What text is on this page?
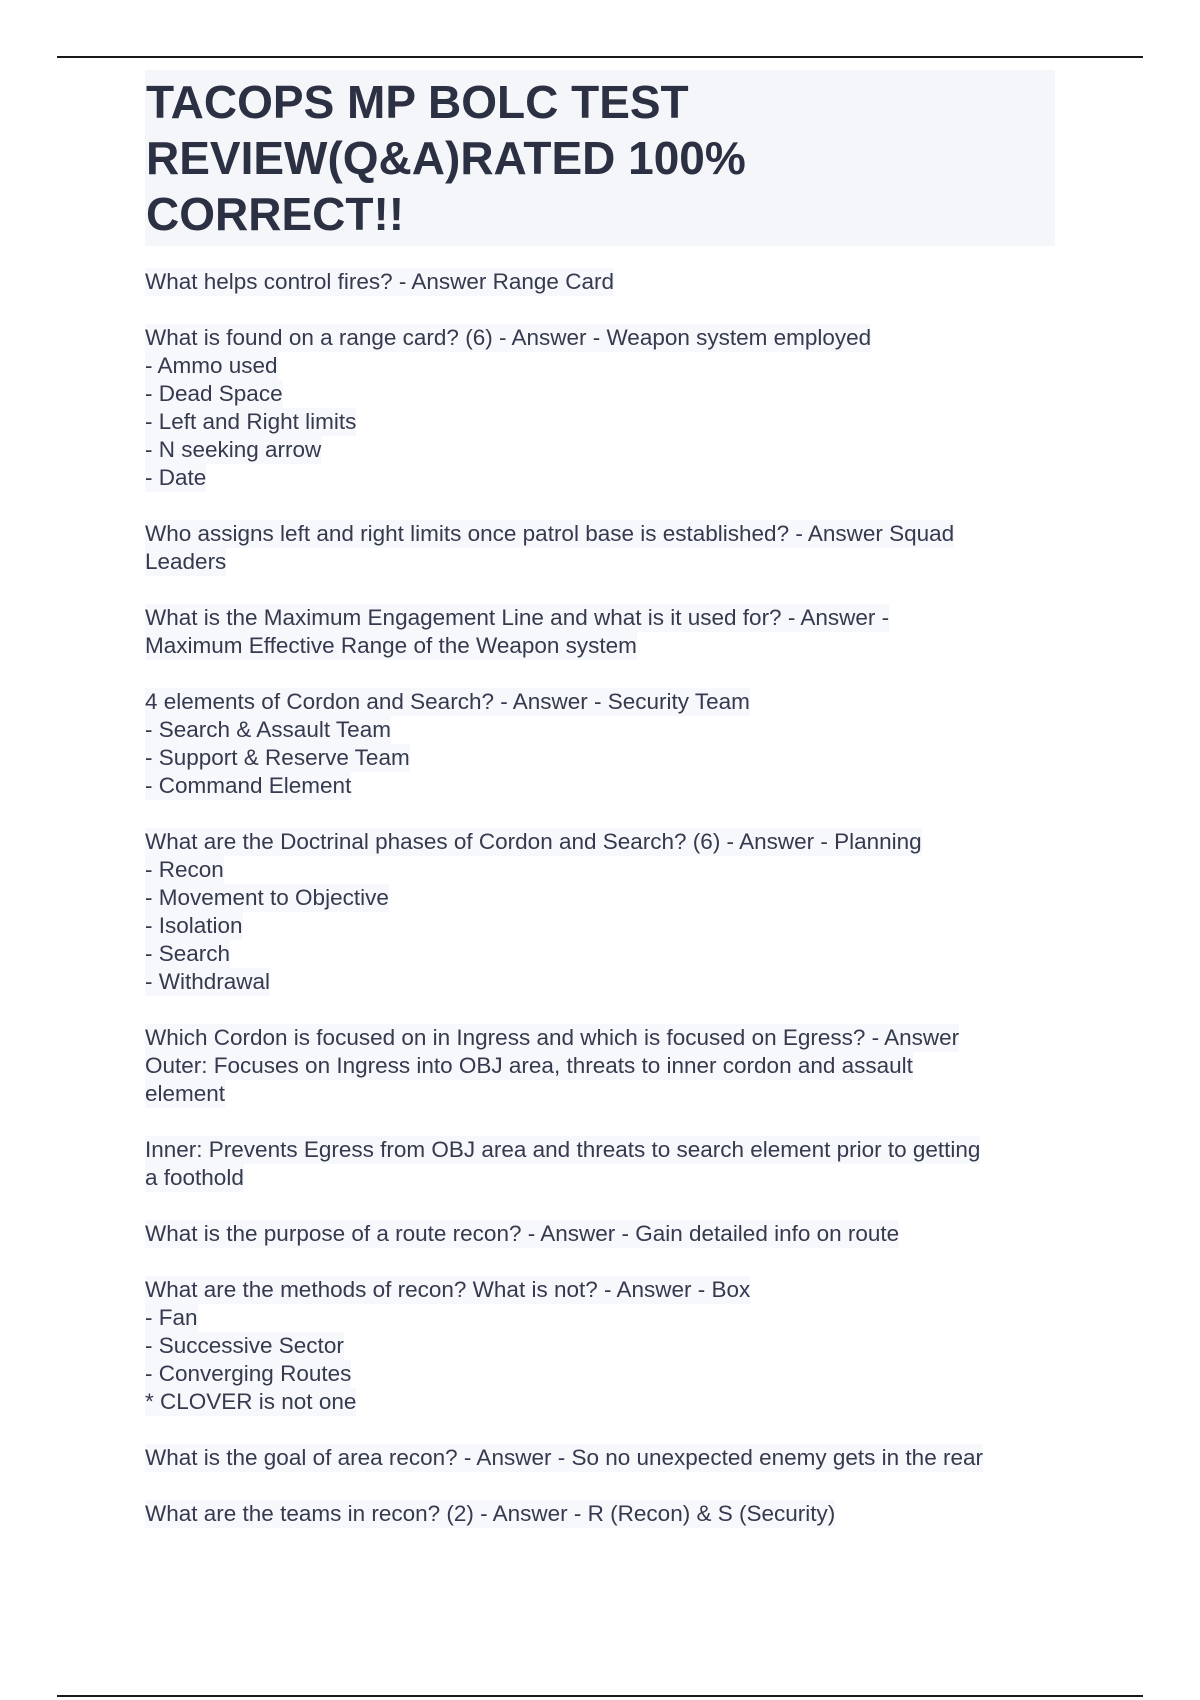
TACOPS MP BOLC TEST
REVIEW(Q&A)RATED 100%
CORRECT!!
What helps control fires? - Answer Range Card
What is found on a range card? (6) - Answer - Weapon system employed
- Ammo used
- Dead Space
- Left and Right limits
- N seeking arrow
- Date
Who assigns left and right limits once patrol base is established? - Answer Squad
Leaders
What is the Maximum Engagement Line and what is it used for? - Answer -
Maximum Effective Range of the Weapon system
4 elements of Cordon and Search? - Answer - Security Team
- Search & Assault Team
- Support & Reserve Team
- Command Element
What are the Doctrinal phases of Cordon and Search? (6) - Answer - Planning
- Recon
- Movement to Objective
- Isolation
- Search
- Withdrawal
Which Cordon is focused on in Ingress and which is focused on Egress? - Answer
Outer: Focuses on Ingress into OBJ area, threats to inner cordon and assault
element
Inner: Prevents Egress from OBJ area and threats to search element prior to getting
a foothold
What is the purpose of a route recon? - Answer - Gain detailed info on route
What are the methods of recon? What is not? - Answer - Box
- Fan
- Successive Sector
- Converging Routes
* CLOVER is not one
What is the goal of area recon? - Answer - So no unexpected enemy gets in the rear
What are the teams in recon? (2) - Answer - R (Recon) & S (Security)
